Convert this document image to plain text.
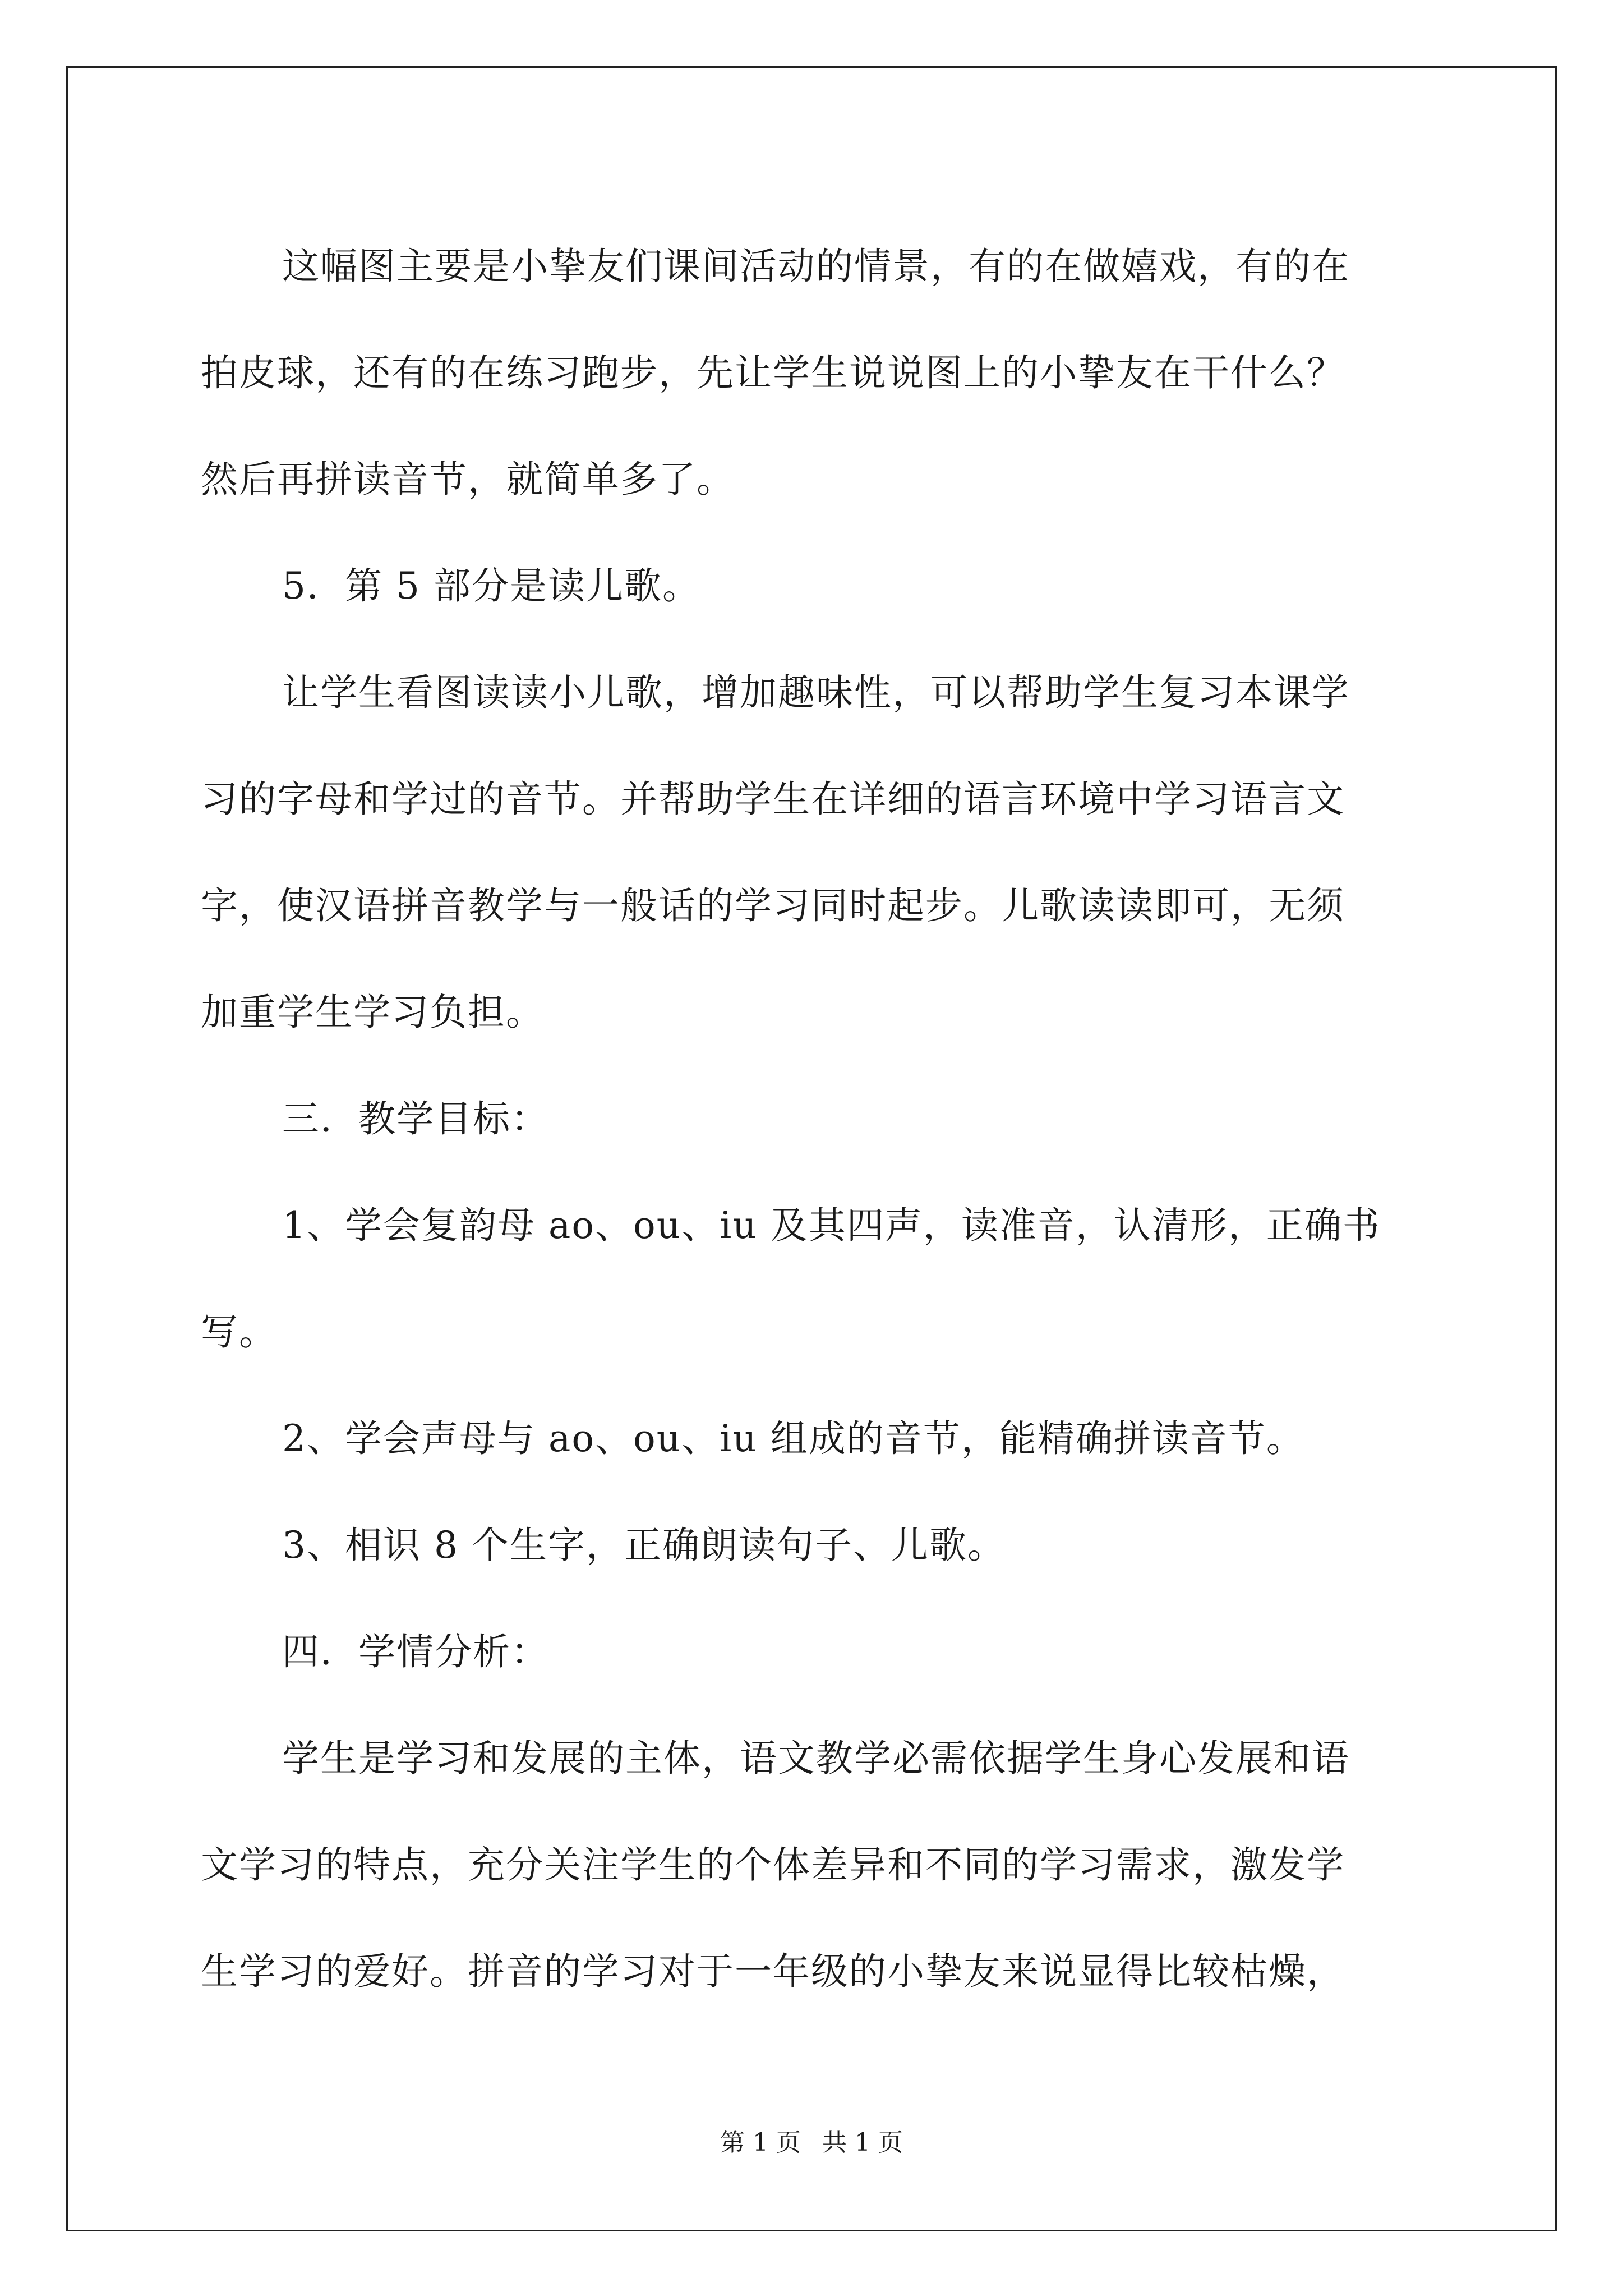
这幅图主要是小挚友们课间活动的情景，有的在做嬉戏，有的在
拍皮球，还有的在练习跑步，先让学生说说图上的小挚友在干什么？
然后再拼读音节，就简单多了。
5．第 5 部分是读儿歌。
让学生看图读读小儿歌，增加趣味性，可以帮助学生复习本课学
习的字母和学过的音节。并帮助学生在详细的语言环境中学习语言文
字，使汉语拼音教学与一般话的学习同时起步。儿歌读读即可，无须
加重学生学习负担。
三．教学目标：
1、学会复韵母 ao、ou、iu 及其四声，读准音，认清形，正确书
写。
2、学会声母与 ao、ou、iu 组成的音节，能精确拼读音节。
3、相识 8 个生字，正确朗读句子、儿歌。
四．学情分析：
学生是学习和发展的主体，语文教学必需依据学生身心发展和语
文学习的特点，充分关注学生的个体差异和不同的学习需求，激发学
生学习的爱好。拼音的学习对于一年级的小挚友来说显得比较枯燥，
第 1 页 共 1 页
